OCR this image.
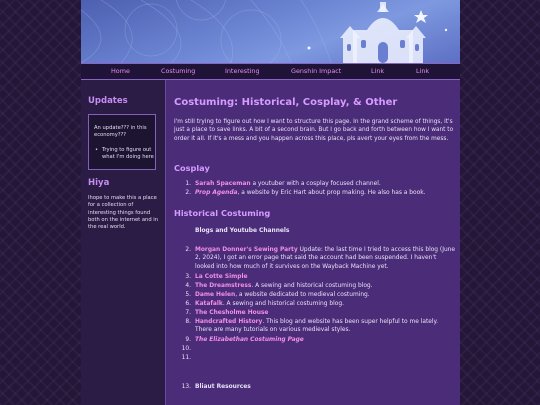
Home	Costuming	Interesting	Genshin Impact	Link	Link
Updates

An update??? in this economy???

• Trying to figure out what I'm doing here
Hiya
Ihope to make this a place for a collection of interesting things found both on the internet and in the real world.
Costuming: Historical, Cosplay, & Other
I'm still trying to figure out how I want to structure this page. In the grand scheme of things, it's just a place to save links. A bit of a second brain. But I go back and forth between how I want to order it all. If it's a mess and you happen across this place, pls avert your eyes from the mess.
Cosplay
1. Sarah Spaceman a youtuber with a cosplay focused channel.
2. Prop Agenda, a website by Eric Hart about prop making. He also has a book.
Historical Costuming
Blogs and Youtube Channels
2. Morgan Donner's Sewing Party Update: the last time I tried to access this blog (June 2, 2024), I got an error page that said the account had been suspended. I haven't looked into how much of it survives on the Wayback Machine yet.
3. La Cotte Simple
4. The Dreamstress. A sewing and historical costuming blog.
5. Dame Helen, a website dedicated to medieval costuming.
6. Katafalk. A sewing and historical costuming blog.
7. The Chesholme House
8. Handcrafted History. This blog and website has been super helpful to me lately. There are many tutorials on various medieval styles.
9. The Elizabethan Costuming Page
10.
11.
13. Bliaut Resources
